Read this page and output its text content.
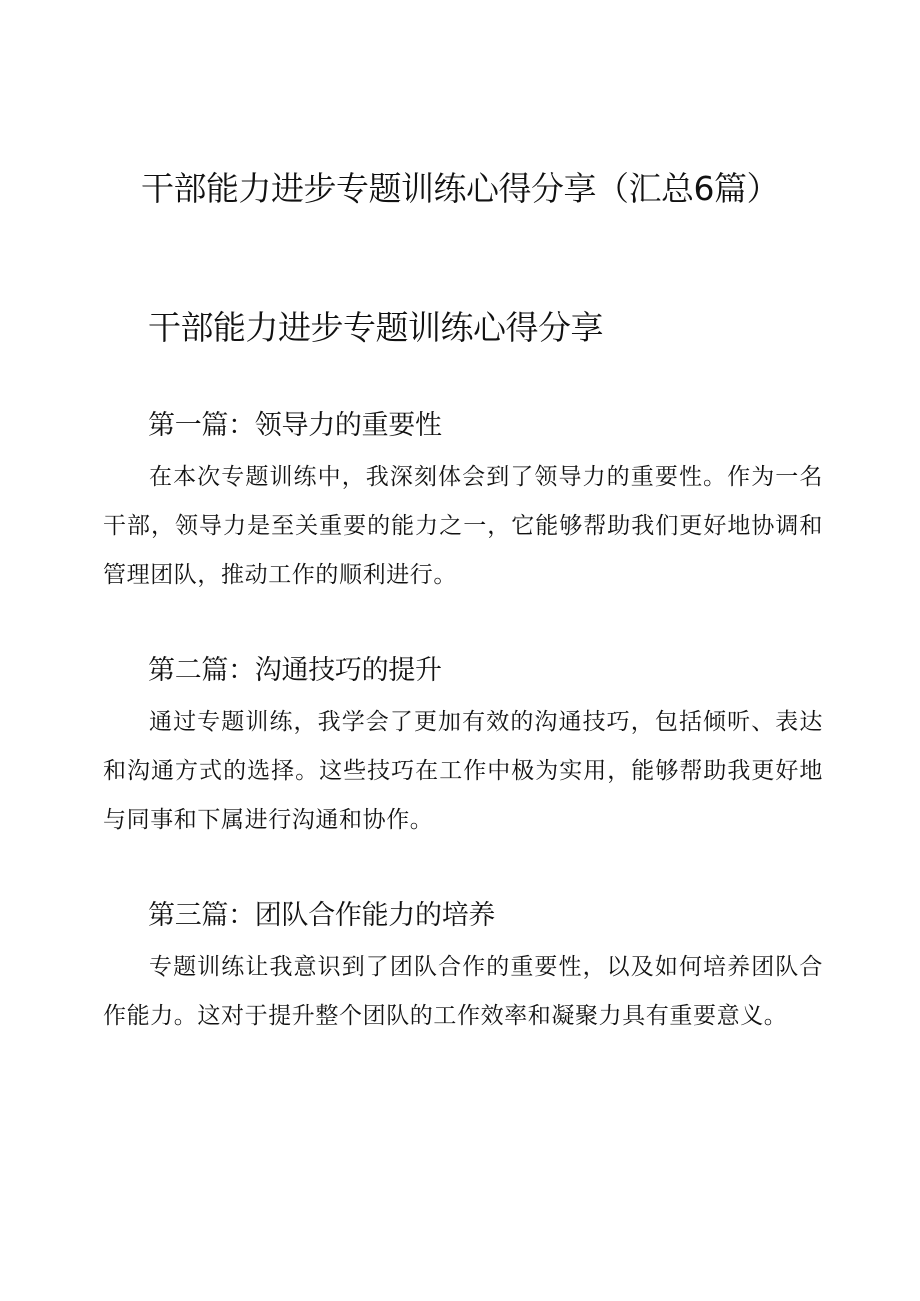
干部能力进步专题训练心得分享（汇总6篇）
干部能力进步专题训练心得分享
第一篇：领导力的重要性

在本次专题训练中，我深刻体会到了领导力的重要性。作为一名干部，领导力是至关重要的能力之一，它能够帮助我们更好地协调和管理团队，推动工作的顺利进行。

第二篇：沟通技巧的提升

通过专题训练，我学会了更加有效的沟通技巧，包括倾听、表达和沟通方式的选择。这些技巧在工作中极为实用，能够帮助我更好地与同事和下属进行沟通和协作。

第三篇：团队合作能力的培养

专题训练让我意识到了团队合作的重要性，以及如何培养团队合作能力。这对于提升整个团队的工作效率和凝聚力具有重要意义。
